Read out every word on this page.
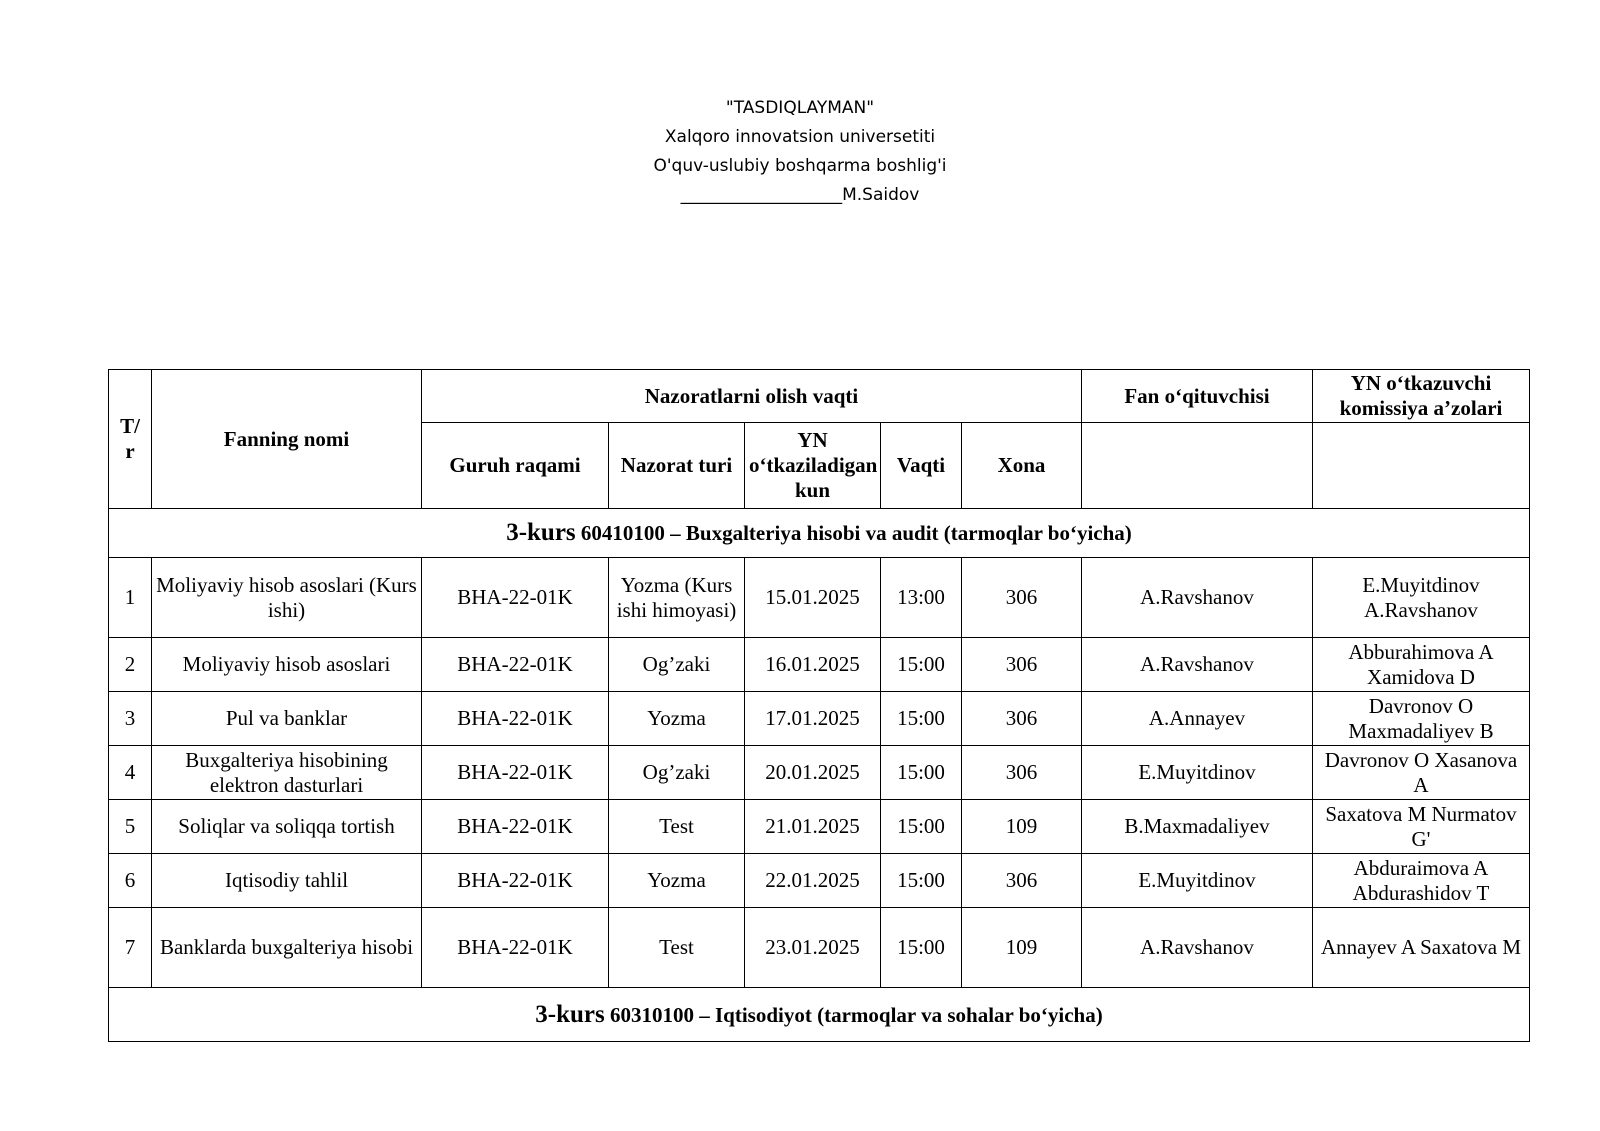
"TASDIQLAYMAN"
Xalqoro innovatsion universetiti
O'quv-uslubiy boshqarma boshlig'i
___________________M.Saidov
T/ r	Fanning nomi	Nazoratlarni olish vaqti					Fan o‘qituvchisi	YN o‘tkazuvchi komissiya a’zolari
		Guruh raqami	Nazorat turi	YN o‘tkaziladigan kun	Vaqti	Xona		
3-kurs 60410100 – Buxgalteriya hisobi va audit (tarmoqlar bo‘yicha)								
1	Moliyaviy hisob asoslari (Kurs ishi)	BHA-22-01K	Yozma (Kurs ishi himoyasi)	15.01.2025	13:00	306	A.Ravshanov	E.Muyitdinov A.Ravshanov
2	Moliyaviy hisob asoslari	BHA-22-01K	Og’zaki	16.01.2025	15:00	306	A.Ravshanov	Abburahimova A Xamidova D
3	Pul va banklar	BHA-22-01K	Yozma	17.01.2025	15:00	306	A.Annayev	Davronov O Maxmadaliyev B
4	Buxgalteriya hisobining elektron dasturlari	BHA-22-01K	Og’zaki	20.01.2025	15:00	306	E.Muyitdinov	Davronov O Xasanova A
5	Soliqlar va soliqqa tortish	BHA-22-01K	Test	21.01.2025	15:00	109	B.Maxmadaliyev	Saxatova M Nurmatov G'
6	Iqtisodiy tahlil	BHA-22-01K	Yozma	22.01.2025	15:00	306	E.Muyitdinov	Abduraimova A Abdurashidov T
7	Banklarda buxgalteriya hisobi	BHA-22-01K	Test	23.01.2025	15:00	109	A.Ravshanov	Annayev A Saxatova M
3-kurs 60310100 – Iqtisodiyot (tarmoqlar va sohalar bo‘yicha)								
